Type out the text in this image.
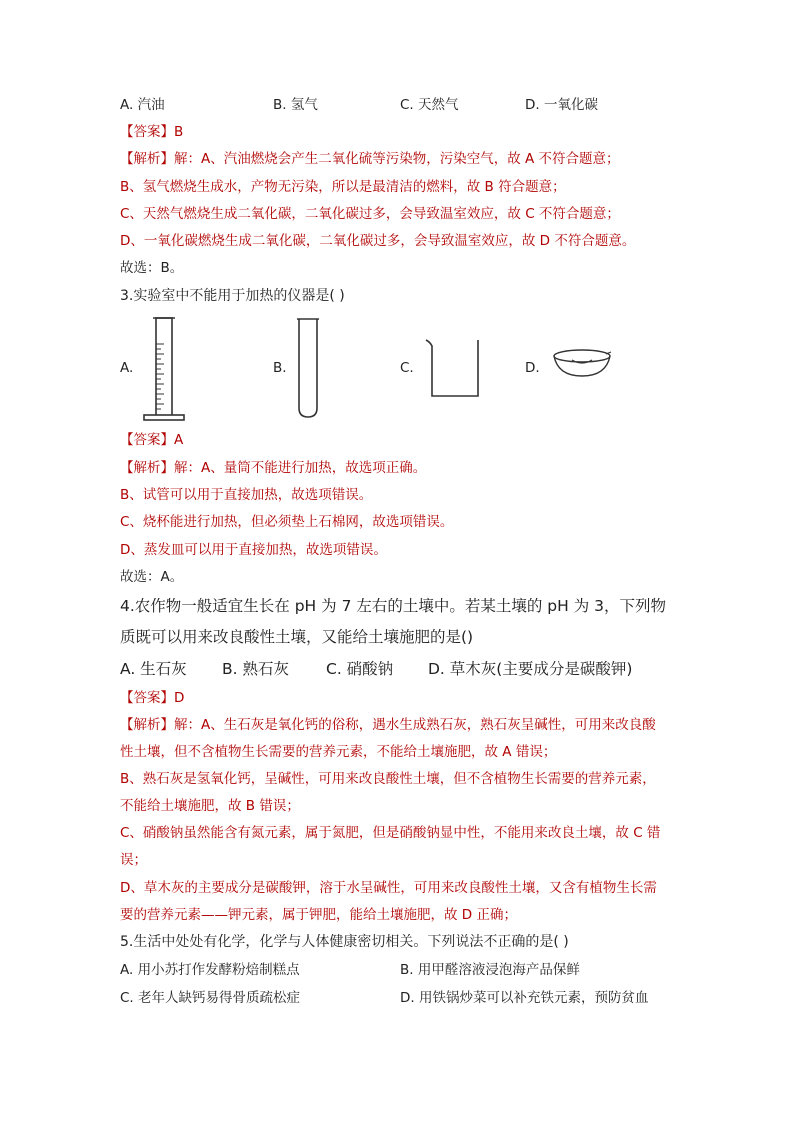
A. 汽油	B. 氢气	C. 天然气	D. 一氧化碳
【答案】B
【解析】解：A、汽油燃烧会产生二氧化硫等污染物，污染空气，故 A 不符合题意；
B、氢气燃烧生成水，产物无污染，所以是最清洁的燃料，故 B 符合题意；
C、天然气燃烧生成二氧化碳，二氧化碳过多，会导致温室效应，故 C 不符合题意；
D、一氧化碳燃烧生成二氧化碳，二氧化碳过多，会导致温室效应，故 D 不符合题意。
故选：B。
3.实验室中不能用于加热的仪器是( )
A.	B.	C.	D.
【答案】A
【解析】解：A、量筒不能进行加热，故选项正确。
B、试管可以用于直接加热，故选项错误。
C、烧杯能进行加热，但必须垫上石棉网，故选项错误。
D、蒸发皿可以用于直接加热，故选项错误。
故选：A。
4.农作物一般适宜生长在 pH 为 7 左右的土壤中。若某土壤的 pH 为 3，下列物
质既可以用来改良酸性土壤，又能给土壤施肥的是()
A. 生石灰 B. 熟石灰 C. 硝酸钠 D. 草木灰(主要成分是碳酸钾)
【答案】D
【解析】解：A、生石灰是氧化钙的俗称，遇水生成熟石灰，熟石灰呈碱性，可用来改良酸
性土壤，但不含植物生长需要的营养元素，不能给土壤施肥，故 A 错误；
B、熟石灰是氢氧化钙，呈碱性，可用来改良酸性土壤，但不含植物生长需要的营养元素，
不能给土壤施肥，故 B 错误；
C、硝酸钠虽然能含有氮元素，属于氮肥，但是硝酸钠显中性，不能用来改良土壤，故 C 错
误；
D、草木灰的主要成分是碳酸钾，溶于水呈碱性，可用来改良酸性土壤，又含有植物生长需
要的营养元素——钾元素，属于钾肥，能给土壤施肥，故 D 正确；
5.生活中处处有化学，化学与人体健康密切相关。下列说法不正确的是( )
A. 用小苏打作发酵粉焙制糕点	B. 用甲醛溶液浸泡海产品保鲜
C. 老年人缺钙易得骨质疏松症	D. 用铁锅炒菜可以补充铁元素，预防贫血
